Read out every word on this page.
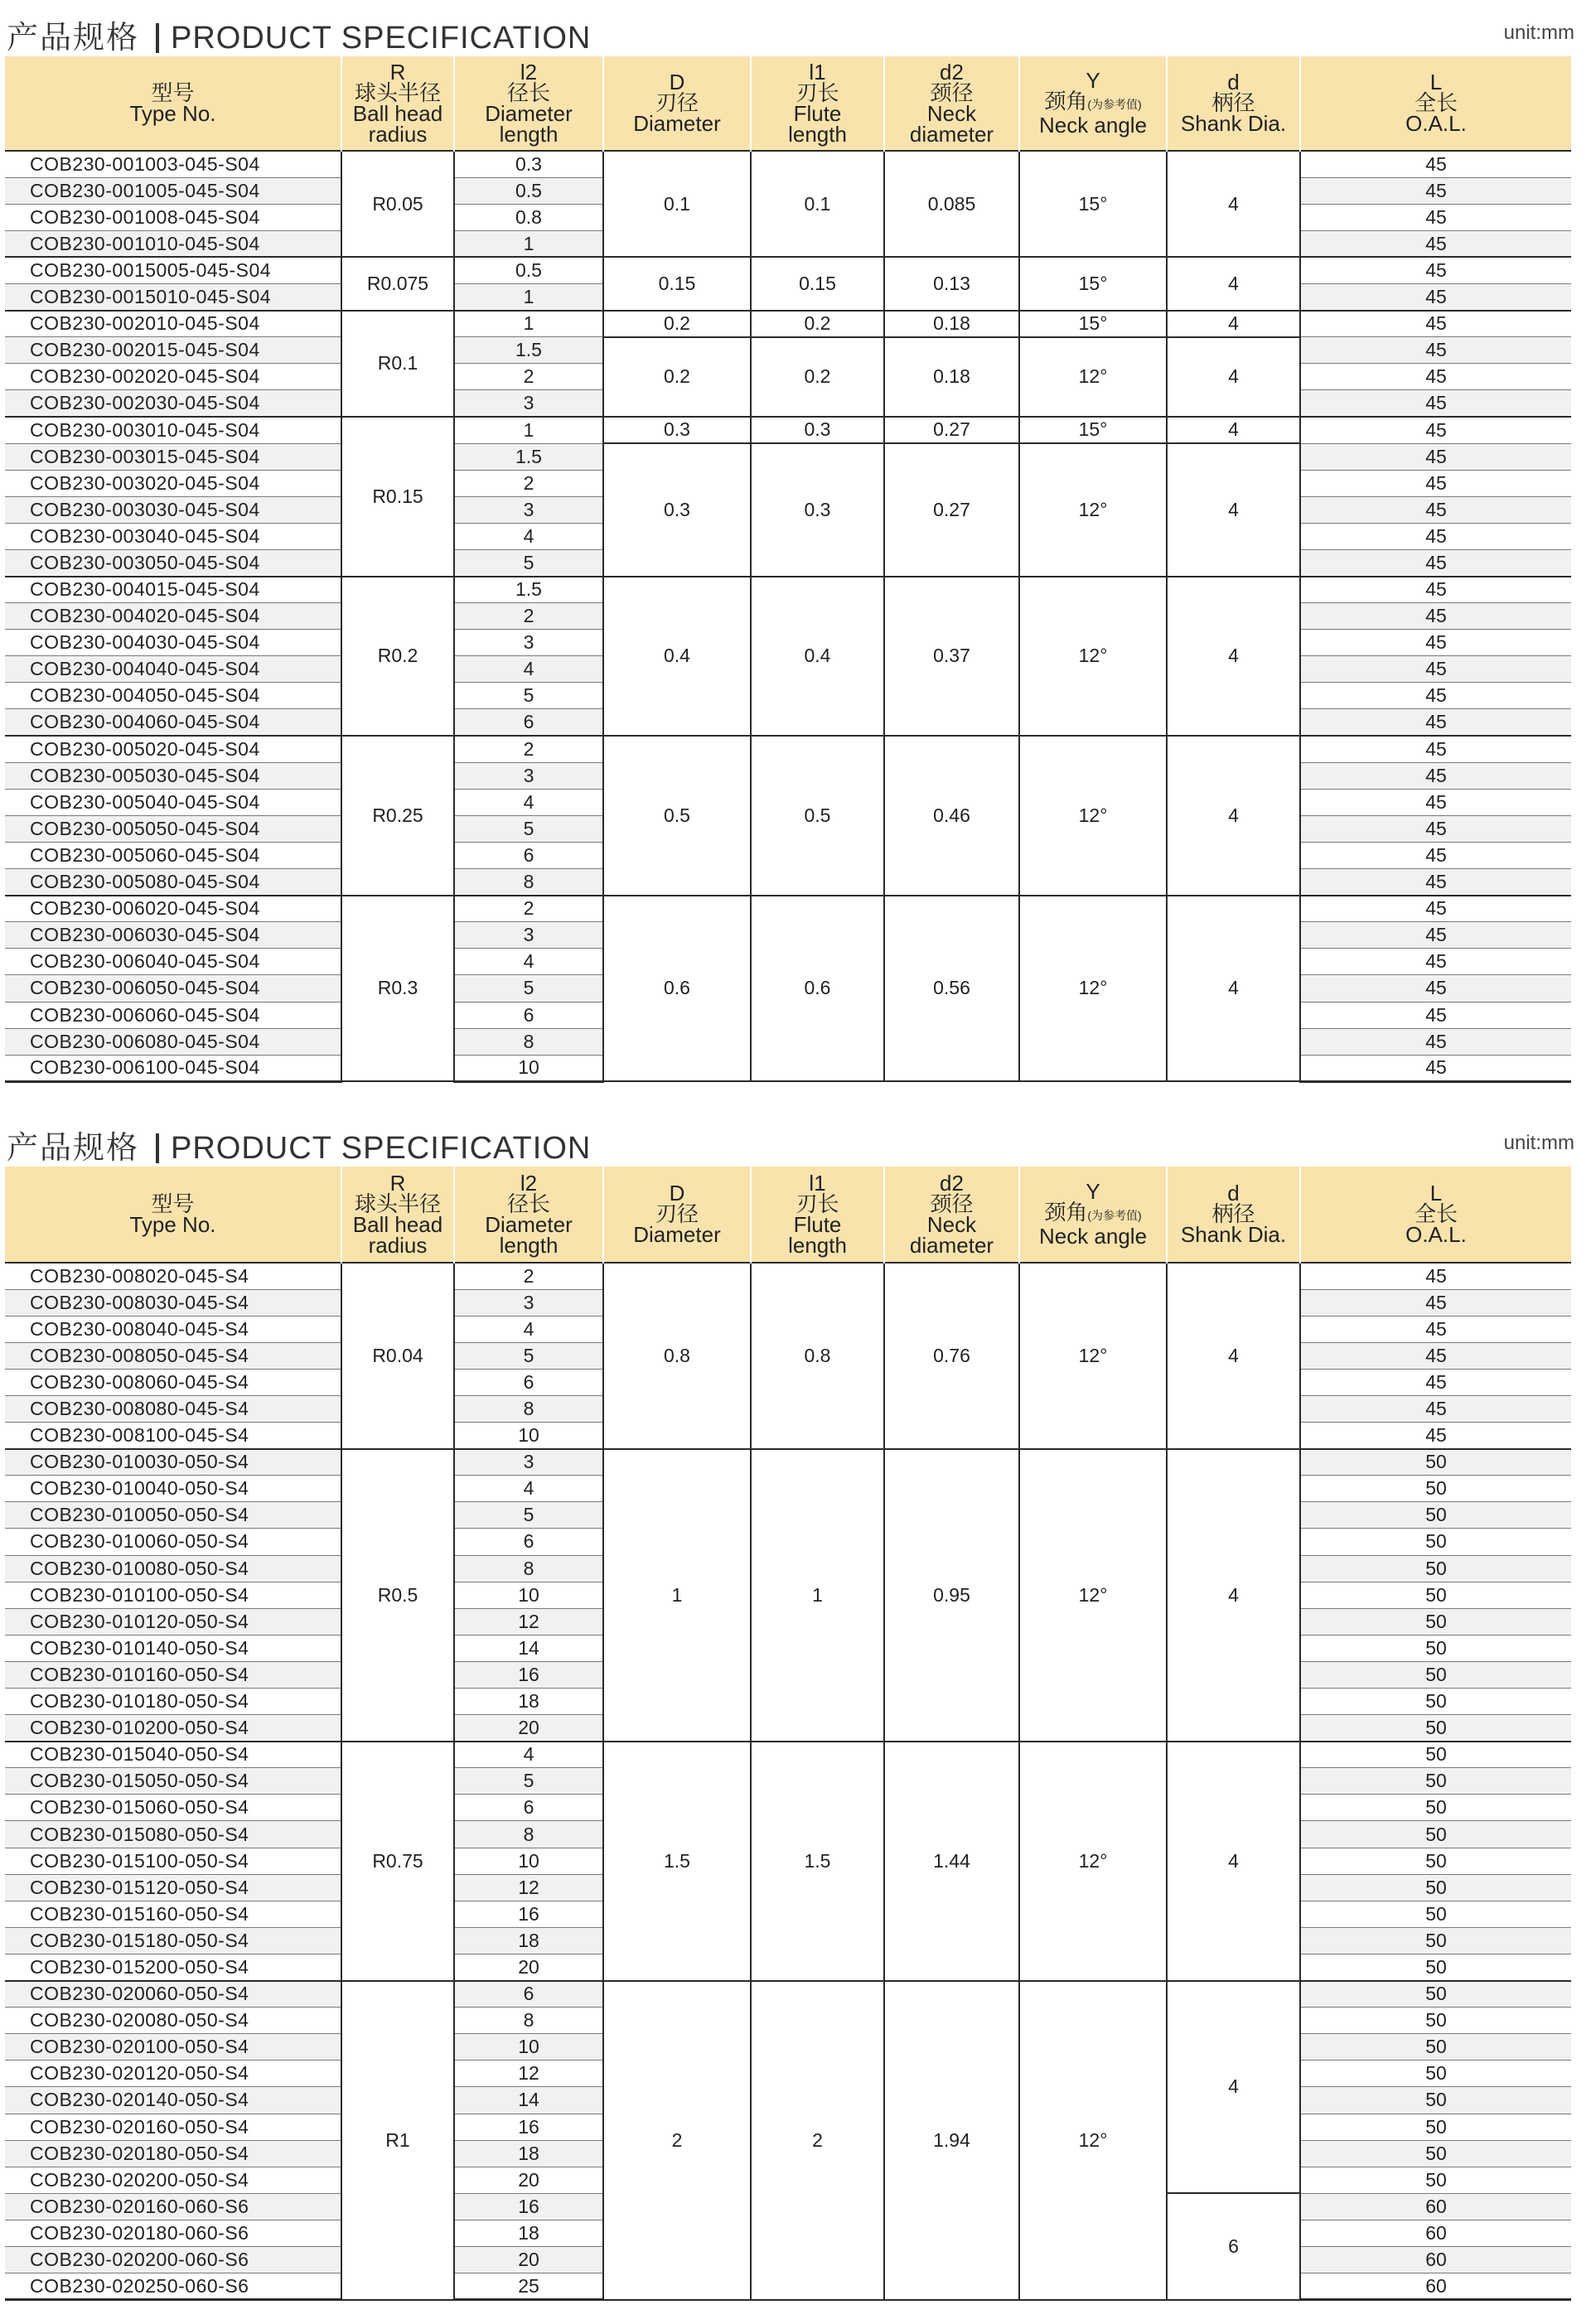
产品规格 PRODUCT SPECIFICATION	unit:mm
型号
Type No.	R
球头半径
Ball head
radius	l2
径长
Diameter
length	D
刃径
Diameter	l1
刃长
Flute
length	d2
颈径
Neck
diameter	Y
颈角(为参考值)
Neck angle	d
柄径
Shank Dia.	L
全长
O.A.L.

COB230-001003-045-S04	R0.05	0.3	0.1	0.1	0.085	15°	4	45
COB230-001005-045-S04		0.5						45
COB230-001008-045-S04		0.8						45
COB230-001010-045-S04		1						45
COB230-0015005-045-S04	R0.075	0.5	0.15	0.15	0.13	15°	4	45
COB230-0015010-045-S04		1						45
COB230-002010-045-S04	R0.1	1	0.2	0.2	0.18	15°	4	45
COB230-002015-045-S04		1.5	0.2	0.2	0.18	12°	4	45
COB230-002020-045-S04		2						45
COB230-002030-045-S04		3						45
COB230-003010-045-S04	R0.15	1	0.3	0.3	0.27	15°	4	45
COB230-003015-045-S04		1.5	0.3	0.3	0.27	12°	4	45
COB230-003020-045-S04		2						45
COB230-003030-045-S04		3						45
COB230-003040-045-S04		4						45
COB230-003050-045-S04		5						45
COB230-004015-045-S04	R0.2	1.5	0.4	0.4	0.37	12°	4	45
COB230-004020-045-S04		2						45
COB230-004030-045-S04		3						45
COB230-004040-045-S04		4						45
COB230-004050-045-S04		5						45
COB230-004060-045-S04		6						45
COB230-005020-045-S04	R0.25	2	0.5	0.5	0.46	12°	4	45
COB230-005030-045-S04		3						45
COB230-005040-045-S04		4						45
COB230-005050-045-S04		5						45
COB230-005060-045-S04		6						45
COB230-005080-045-S04		8						45
COB230-006020-045-S04	R0.3	2	0.6	0.6	0.56	12°	4	45
COB230-006030-045-S04		3						45
COB230-006040-045-S04		4						45
COB230-006050-045-S04		5						45
COB230-006060-045-S04		6						45
COB230-006080-045-S04		8						45
COB230-006100-045-S04		10						45
产品规格 PRODUCT SPECIFICATION	unit:mm
型号
Type No.	R
球头半径
Ball head
radius	l2
径长
Diameter
length	D
刃径
Diameter	l1
刃长
Flute
length	d2
颈径
Neck
diameter	Y
颈角(为参考值)
Neck angle	d
柄径
Shank Dia.	L
全长
O.A.L.

COB230-008020-045-S4	R0.04	2	0.8	0.8	0.76	12°	4	45
COB230-008030-045-S4		3						45
COB230-008040-045-S4		4						45
COB230-008050-045-S4		5						45
COB230-008060-045-S4		6						45
COB230-008080-045-S4		8						45
COB230-008100-045-S4		10						45
COB230-010030-050-S4	R0.5	3	1	1	0.95	12°	4	50
COB230-010040-050-S4		4						50
COB230-010050-050-S4		5						50
COB230-010060-050-S4		6						50
COB230-010080-050-S4		8						50
COB230-010100-050-S4		10						50
COB230-010120-050-S4		12						50
COB230-010140-050-S4		14						50
COB230-010160-050-S4		16						50
COB230-010180-050-S4		18						50
COB230-010200-050-S4		20						50
COB230-015040-050-S4	R0.75	4	1.5	1.5	1.44	12°	4	50
COB230-015050-050-S4		5						50
COB230-015060-050-S4		6						50
COB230-015080-050-S4		8						50
COB230-015100-050-S4		10						50
COB230-015120-050-S4		12						50
COB230-015160-050-S4		16						50
COB230-015180-050-S4		18						50
COB230-015200-050-S4		20						50
COB230-020060-050-S4	R1	6	2	2	1.94	12°	4	50
COB230-020080-050-S4		8						50
COB230-020100-050-S4		10						50
COB230-020120-050-S4		12						50
COB230-020140-050-S4		14						50
COB230-020160-050-S4		16						50
COB230-020180-050-S4		18						50
COB230-020200-050-S4		20						50
COB230-020160-060-S6		16					6	60
COB230-020180-060-S6		18						60
COB230-020200-060-S6		20						60
COB230-020250-060-S6		25						60
